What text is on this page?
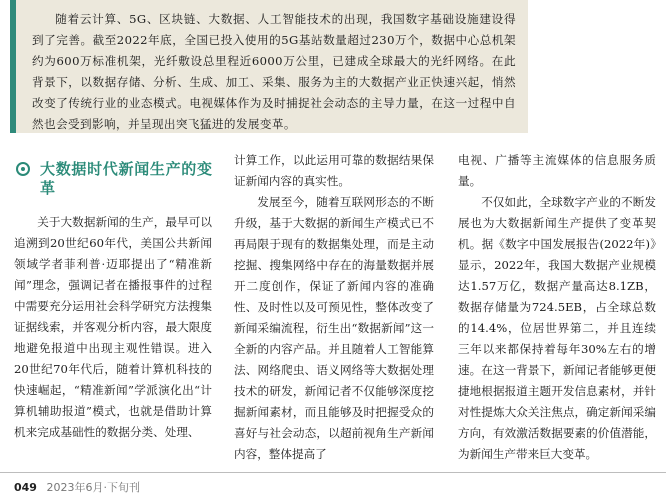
随着云计算、5G、区块链、大数据、人工智能技术的出现，我国数字基础设施建设得到了完善。截至2022年底，全国已投入使用的5G基站数量超过230万个，数据中心总机架约为600万标准机架，光纤敷设总里程近6000万公里，已建成全球最大的光纤网络。在此背景下，以数据存储、分析、生成、加工、采集、服务为主的大数据产业正快速兴起，悄然改变了传统行业的业态模式。电视媒体作为及时捕捉社会动态的主导力量，在这一过程中自然也会受到影响，并呈现出突飞猛进的发展变革。

大数据时代新闻生产的变革

关于大数据新闻的生产，最早可以追溯到20世纪60年代，美国公共新闻领域学者菲利普·迈耶提出了“精准新闻”理念，强调记者在播报事件的过程中需要充分运用社会科学研究方法搜集证据线索，并客观分析内容，最大限度地避免报道中出现主观性错误。进入20世纪70年代后，随着计算机科技的快速崛起，“精准新闻”学派演化出“计算机辅助报道”模式，也就是借助计算机来完成基础性的数据分类、处理、

计算工作，以此运用可靠的数据结果保证新闻内容的真实性。

发展至今，随着互联网形态的不断升级，基于大数据的新闻生产模式已不再局限于现有的数据集处理，而是主动挖掘、搜集网络中存在的海量数据并展开二度创作，保证了新闻内容的准确性、及时性以及可预见性，整体改变了新闻采编流程，衍生出“数据新闻”这一全新的内容产品。并且随着人工智能算法、网络爬虫、语义网络等大数据处理技术的研发，新闻记者不仅能够深度挖掘新闻素材，而且能够及时把握受众的喜好与社会动态，以超前视角生产新闻内容，整体提高了

电视、广播等主流媒体的信息服务质量。

不仅如此，全球数字产业的不断发展也为大数据新闻生产提供了变革契机。据《数字中国发展报告(2022年)》显示，2022年，我国大数据产业规模达1.57万亿，数据产量高达8.1ZB，数据存储量为724.5EB，占全球总数的14.4%，位居世界第二，并且连续三年以来都保持着每年30%左右的增速。在这一背景下，新闻记者能够更便捷地根据报道主题开发信息素材，并针对性提炼大众关注焦点，确定新闻采编方向，有效激活数据要素的价值潜能，为新闻生产带来巨大变革。

049 2023年6月·下旬刊
